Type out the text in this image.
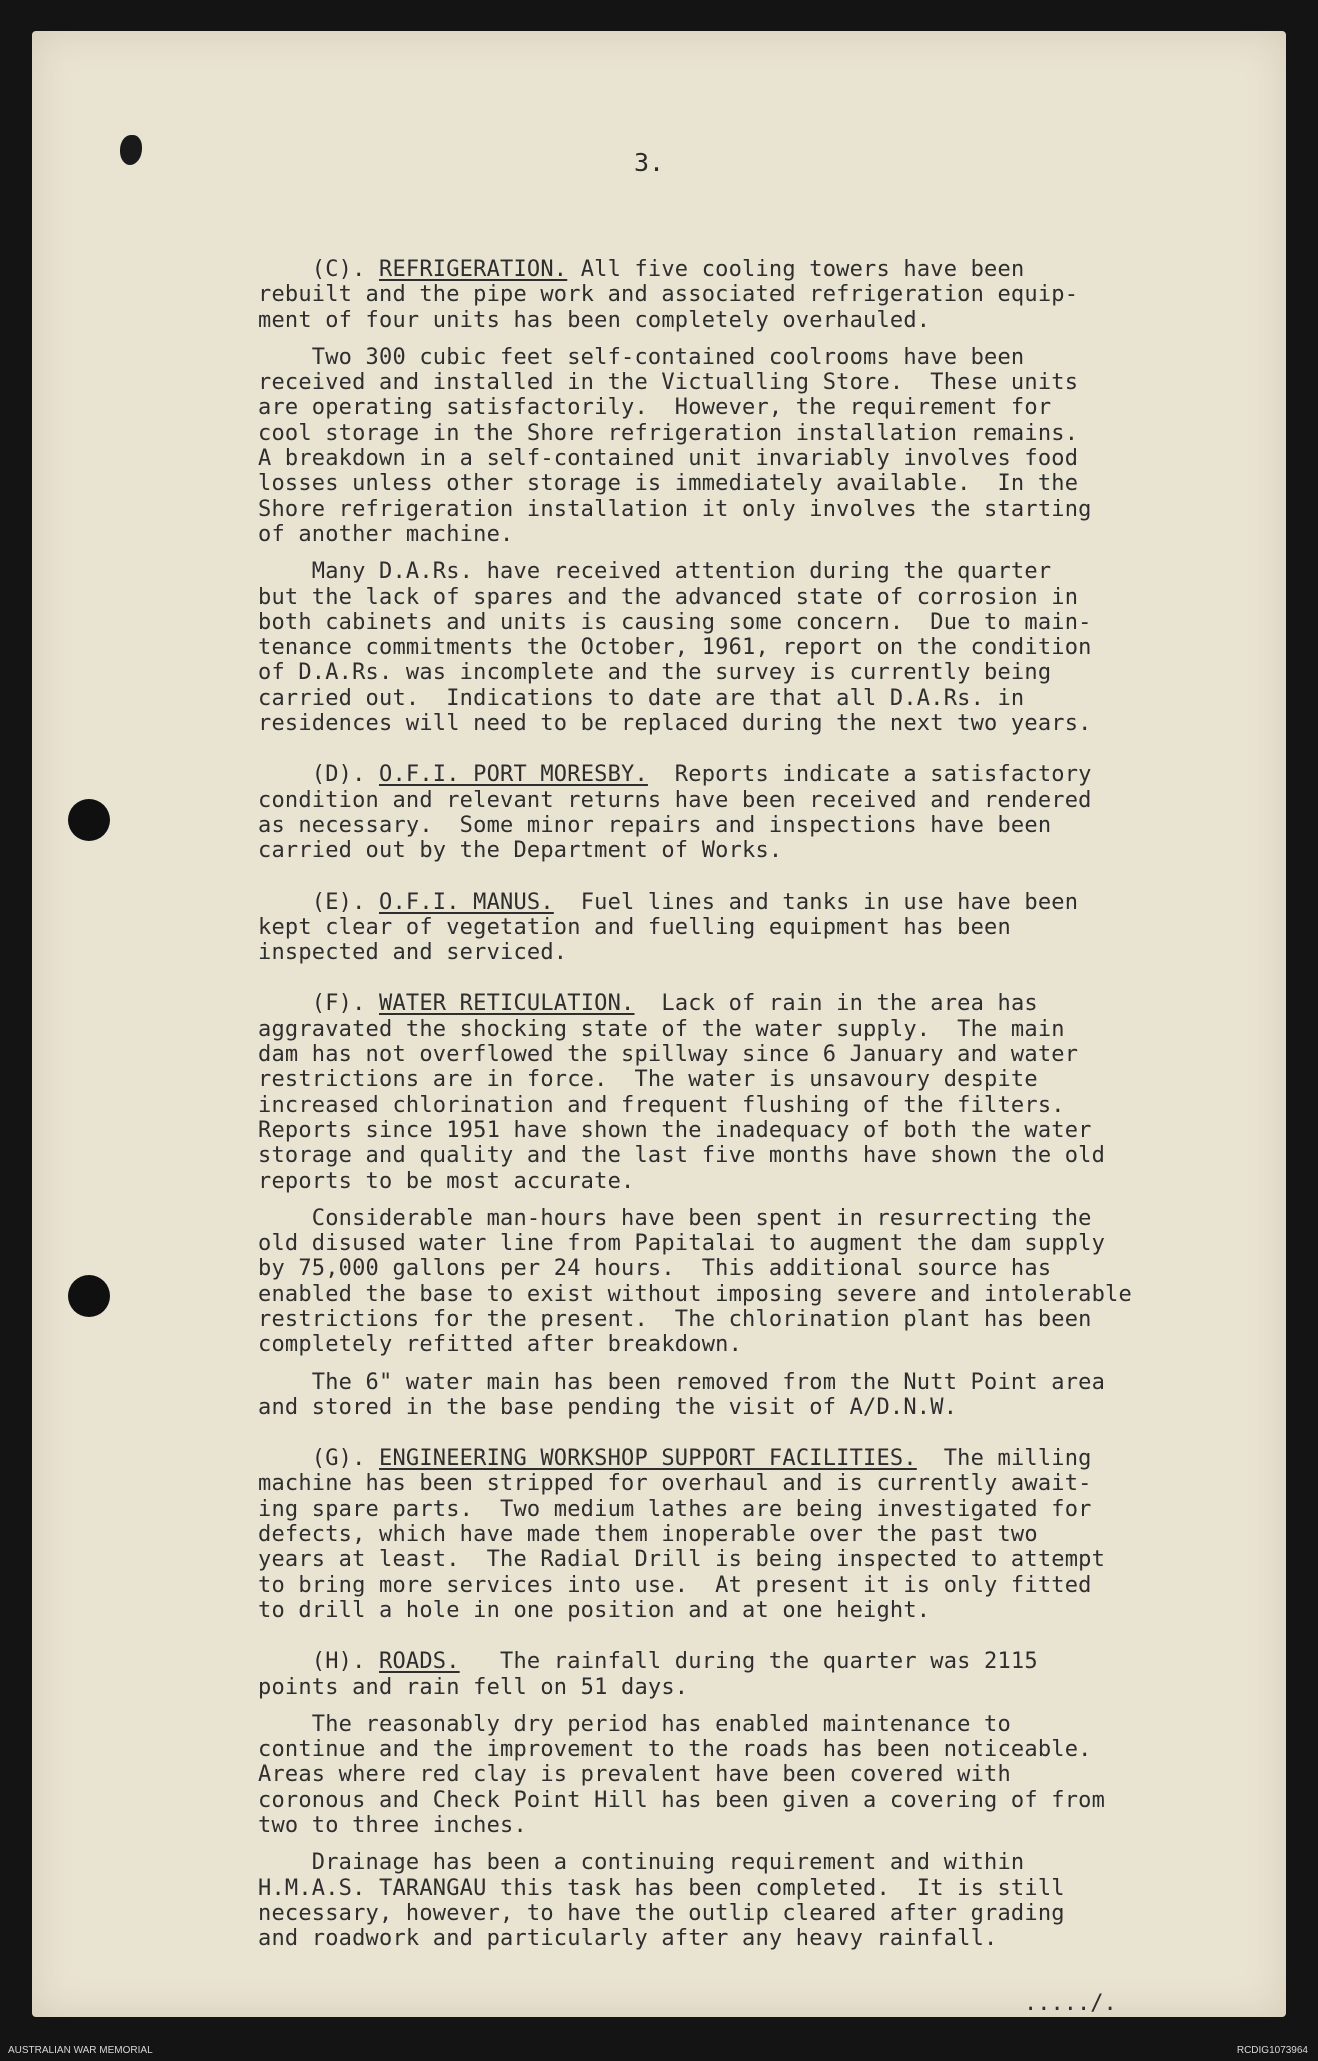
3.

(C). REFRIGERATION. All five cooling towers have been
rebuilt and the pipe work and associated refrigeration equip-
ment of four units has been completely overhauled.

Two 300 cubic feet self-contained coolrooms have been
received and installed in the Victualling Store.  These units
are operating satisfactorily.  However, the requirement for
cool storage in the Shore refrigeration installation remains.
A breakdown in a self-contained unit invariably involves food
losses unless other storage is immediately available.  In the
Shore refrigeration installation it only involves the starting
of another machine.

Many D.A.Rs. have received attention during the quarter
but the lack of spares and the advanced state of corrosion in
both cabinets and units is causing some concern.  Due to main-
tenance commitments the October, 1961, report on the condition
of D.A.Rs. was incomplete and the survey is currently being
carried out.  Indications to date are that all D.A.Rs. in
residences will need to be replaced during the next two years.

(D). O.F.I. PORT MORESBY.  Reports indicate a satisfactory
condition and relevant returns have been received and rendered
as necessary.  Some minor repairs and inspections have been
carried out by the Department of Works.

(E). O.F.I. MANUS.  Fuel lines and tanks in use have been
kept clear of vegetation and fuelling equipment has been
inspected and serviced.

(F). WATER RETICULATION.  Lack of rain in the area has
aggravated the shocking state of the water supply.  The main
dam has not overflowed the spillway since 6 January and water
restrictions are in force.  The water is unsavoury despite
increased chlorination and frequent flushing of the filters.
Reports since 1951 have shown the inadequacy of both the water
storage and quality and the last five months have shown the old
reports to be most accurate.

Considerable man-hours have been spent in resurrecting the
old disused water line from Papitalai to augment the dam supply
by 75,000 gallons per 24 hours.  This additional source has
enabled the base to exist without imposing severe and intolerable
restrictions for the present.  The chlorination plant has been
completely refitted after breakdown.

The 6" water main has been removed from the Nutt Point area
and stored in the base pending the visit of A/D.N.W.

(G). ENGINEERING WORKSHOP SUPPORT FACILITIES.  The milling
machine has been stripped for overhaul and is currently await-
ing spare parts.  Two medium lathes are being investigated for
defects, which have made them inoperable over the past two
years at least.  The Radial Drill is being inspected to attempt
to bring more services into use.  At present it is only fitted
to drill a hole in one position and at one height.

(H). ROADS.   The rainfall during the quarter was 2115
points and rain fell on 51 days.

The reasonably dry period has enabled maintenance to
continue and the improvement to the roads has been noticeable.
Areas where red clay is prevalent have been covered with
coronous and Check Point Hill has been given a covering of from
two to three inches.

Drainage has been a continuing requirement and within
H.M.A.S. TARANGAU this task has been completed.  It is still
necessary, however, to have the outlip cleared after grading
and roadwork and particularly after any heavy rainfall.

...../.
AUSTRALIAN WAR MEMORIAL	RCDIG1073964
